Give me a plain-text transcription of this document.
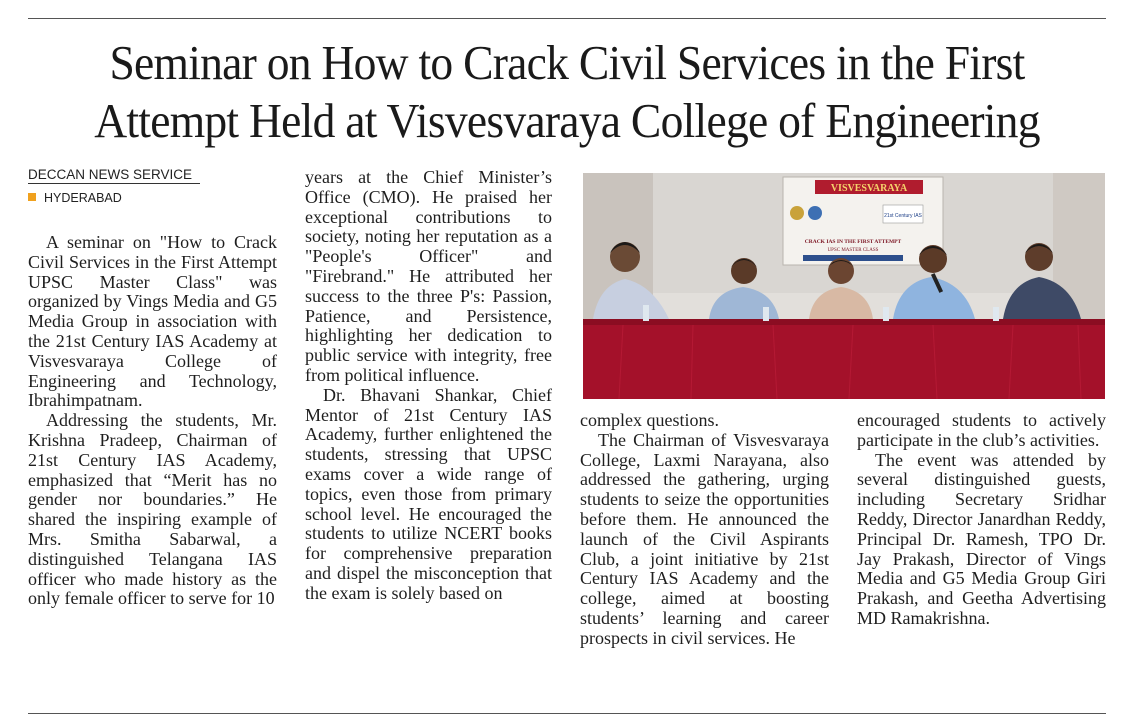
Seminar on How to Crack Civil Services in the First
Attempt Held at Visvesvaraya College of Engineering
DECCAN NEWS SERVICE
HYDERABAD

A seminar on "How to Crack Civil Services in the First Attempt UPSC Master Class" was organized by Vings Media and G5 Media Group in association with the 21st Century IAS Academy at Visvesvaraya College of Engineering and Technology, Ibrahimpatnam.

Addressing the students, Mr. Krishna Pradeep, Chairman of 21st Century IAS Academy, emphasized that “Merit has no gender nor boundaries.” He shared the inspiring example of Mrs. Smitha Sabarwal, a distinguished Telangana IAS officer who made history as the only female officer to serve for 10

years at the Chief Minister’s Office (CMO). He praised her exceptional contributions to society, noting her reputation as a "People's Officer" and "Firebrand." He attributed her success to the three P's: Passion, Patience, and Persistence, highlighting her dedication to public service with integrity, free from political influence.

Dr. Bhavani Shankar, Chief Mentor of 21st Century IAS Academy, further enlightened the students, stressing that UPSC exams cover a wide range of topics, even those from primary school level. He encouraged the students to utilize NCERT books for comprehensive preparation and dispel the misconception that the exam is solely based on

VISVESVARAYA
21st Century IAS
CRACK IAS IN THE FIRST ATTEMPT
UPSC MASTER CLASS

complex questions.

The Chairman of Visvesvaraya College, Laxmi Narayana, also addressed the gathering, urging students to seize the opportunities before them. He announced the launch of the Civil Aspirants Club, a joint initiative by 21st Century IAS Academy and the college, aimed at boosting students’ learning and career prospects in civil services. He

encouraged students to actively participate in the club’s activities.

The event was attended by several distinguished guests, including Secretary Sridhar Reddy, Director Janardhan Reddy, Principal Dr. Ramesh, TPO Dr. Jay Prakash, Director of Vings Media and G5 Media Group Giri Prakash, and Geetha Advertising MD Ramakrishna.
